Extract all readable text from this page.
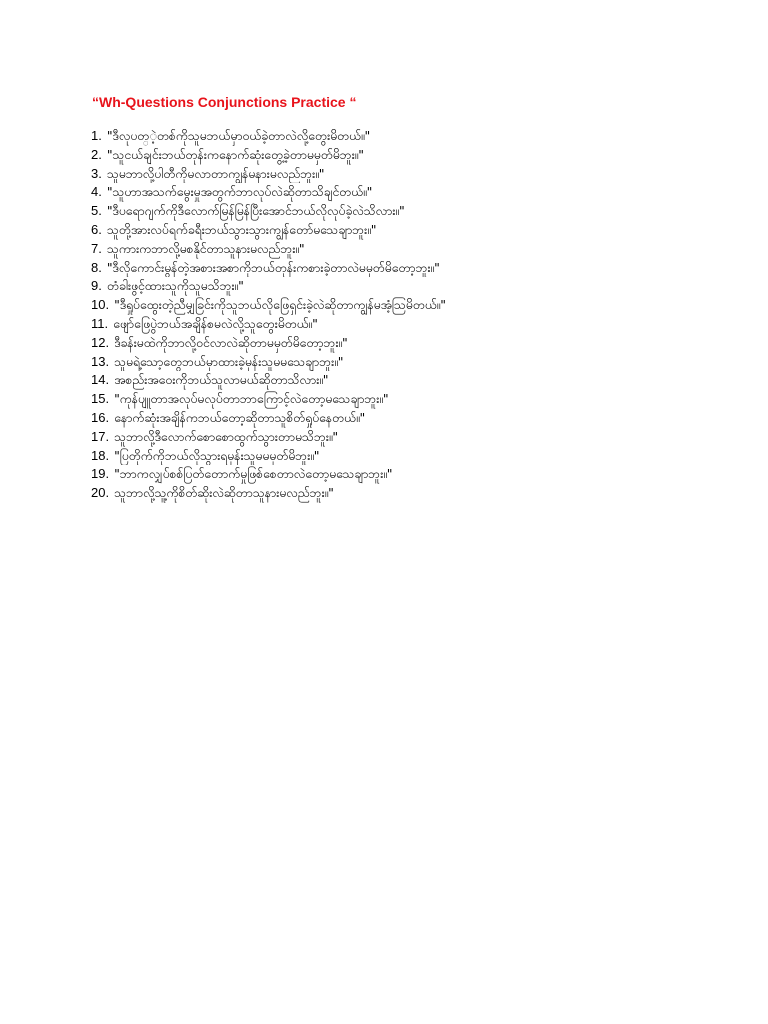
“Wh-Questions Conjunctions Practice “
1. "ဒီလုပတ္ဲ့တစ်ကိုသူမဘယ်မှာဝယ်ခဲ့တာလဲလို့တွေးမိတယ်။"
2. "သူငယ်ချင်းဘယ်တုန်းကနောက်ဆုံးတွေ့ခဲ့တာမမှတ်မိဘူး။"
3. သူမဘာလို့ပါတီကိုမလာတာကျွန်မနားမလည်ဘူး။"
4. "သူဟာအသက်မွေးမှုအတွက်ဘာလုပ်လဲဆိုတာသိချင်တယ်။"
5. "ဒီပရောဂျက်ကိုဒီလောက်မြန်မြန်ပြီးအောင်ဘယ်လိုလုပ်ခဲ့လဲသိလား။"
6. သူတို့အားလပ်ရက်ခရီးဘယ်သွားသွားကျွန်တော်မသေချာဘူး။"
7. သူကားကဘာလို့မစနိုင်တာသူနားမလည်ဘူး။"
8. "ဒီလိုကောင်းမွန်တဲ့အစားအစာကိုဘယ်တုန်းကစားခဲ့တာလဲမမှတ်မိတော့ဘူး။"
9. တံခါးဖွင့်ထားသူကိုသူမသိဘူး။"
10. "ဒီရှုပ်ထွေးတဲ့ညီမျှခြင်းကိုသူဘယ်လိုဖြေရှင်းခဲ့လဲဆိုတာကျွန်မအံ့ဩမိတယ်။"
11. ဖျော်ဖြေပွဲဘယ်အချိန်စမလဲလို့သူတွေးမိတယ်။"
12. ဒီခန်းမထဲကိုဘာလို့ဝင်လာလဲဆိုတာမမှတ်မိတော့ဘူး။"
13. သူမရဲ့သော့တွေဘယ်မှာထားခဲ့မှန်းသူမမသေချာဘူး။"
14. အစည်းအဝေးကိုဘယ်သူလာမယ်ဆိုတာသိလား။"
15. "ကုန်ပျူတာအလုပ်မလုပ်တာဘာကြောင့်လဲတော့မသေချာဘူး။"
16. နောက်ဆုံးအချိန်ကဘယ်တော့ဆိုတာသူစိတ်ရှုပ်နေတယ်။"
17. သူဘာလို့ဒီလောက်စောစောထွက်သွားတာမသိဘူး။"
18. "ပြတိုက်ကိုဘယ်လိုသွားရမှန်းသူမမမှတ်မိဘူး။"
19. "ဘာကလျှပ်စစ်ပြတ်တောက်မှုဖြစ်စေတာလဲတော့မသေချာဘူး။"
20. သူဘာလို့သူ့ကိုစိတ်ဆိုးလဲဆိုတာသူနားမလည်ဘူး။"
